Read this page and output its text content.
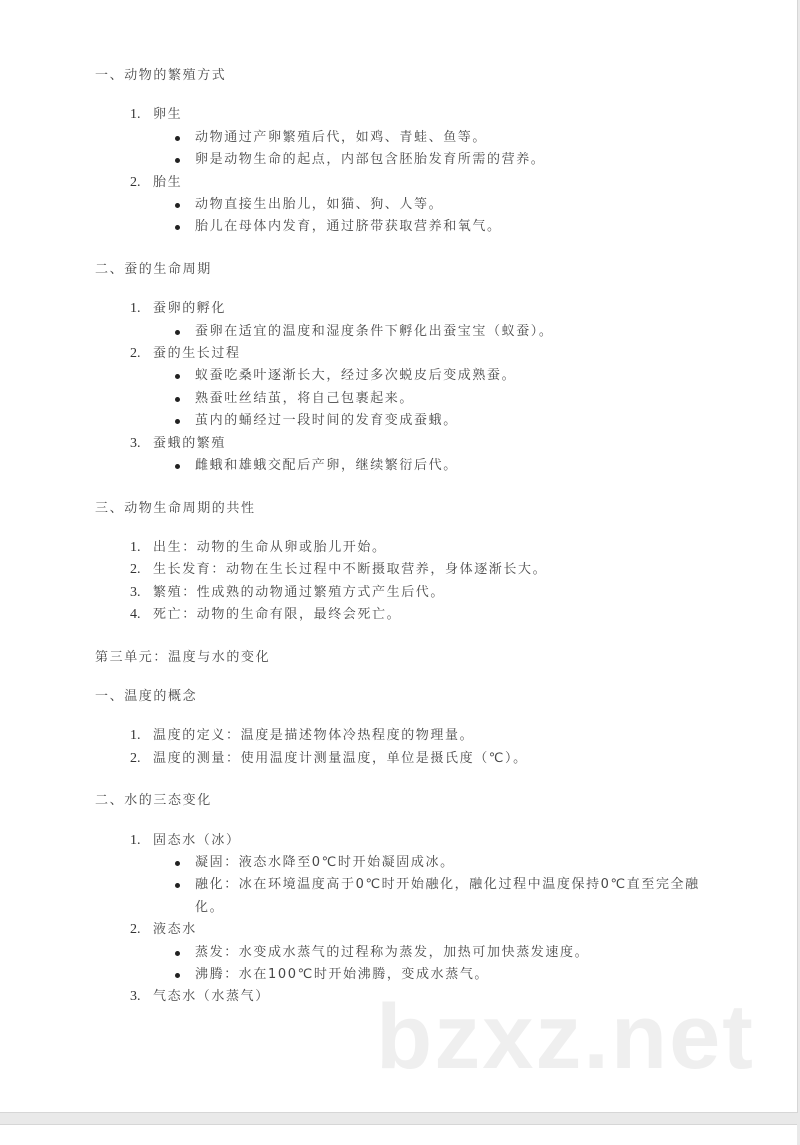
一、动物的繁殖方式
1. 卵生
动物通过产卵繁殖后代，如鸡、青蛙、鱼等。
卵是动物生命的起点，内部包含胚胎发育所需的营养。
2. 胎生
动物直接生出胎儿，如猫、狗、人等。
胎儿在母体内发育，通过脐带获取营养和氧气。
二、蚕的生命周期
1. 蚕卵的孵化
蚕卵在适宜的温度和湿度条件下孵化出蚕宝宝（蚁蚕）。
2. 蚕的生长过程
蚁蚕吃桑叶逐渐长大，经过多次蜕皮后变成熟蚕。
熟蚕吐丝结茧，将自己包裹起来。
茧内的蛹经过一段时间的发育变成蚕蛾。
3. 蚕蛾的繁殖
雌蛾和雄蛾交配后产卵，继续繁衍后代。
三、动物生命周期的共性
1. 出生：动物的生命从卵或胎儿开始。
2. 生长发育：动物在生长过程中不断摄取营养，身体逐渐长大。
3. 繁殖：性成熟的动物通过繁殖方式产生后代。
4. 死亡：动物的生命有限，最终会死亡。
第三单元：温度与水的变化
一、温度的概念
1. 温度的定义：温度是描述物体冷热程度的物理量。
2. 温度的测量：使用温度计测量温度，单位是摄氏度（℃）。
二、水的三态变化
1. 固态水（冰）
凝固：液态水降至0℃时开始凝固成冰。
融化：冰在环境温度高于0℃时开始融化，融化过程中温度保持0℃直至完全融化。
2. 液态水
蒸发：水变成水蒸气的过程称为蒸发，加热可加快蒸发速度。
沸腾：水在100℃时开始沸腾，变成水蒸气。
3. 气态水（水蒸气）	bzxz.net
